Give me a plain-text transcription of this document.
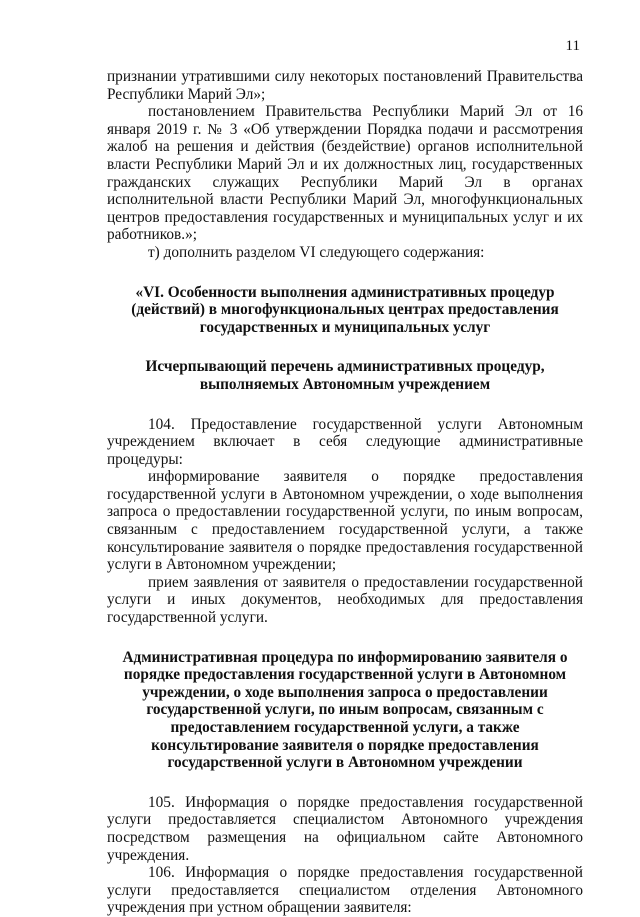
11

признании утратившими силу некоторых постановлений Правительства Республики Марий Эл»;

постановлением Правительства Республики Марий Эл от 16 января 2019 г. № 3 «Об утверждении Порядка подачи и рассмотрения жалоб на решения и действия (бездействие) органов исполнительной власти Республики Марий Эл и их должностных лиц, государственных гражданских служащих Республики Марий Эл в органах исполнительной власти Республики Марий Эл, многофункциональных центров предоставления государственных и муниципальных услуг и их работников.»;

т) дополнить разделом VI следующего содержания:

«VI. Особенности выполнения административных процедур (действий) в многофункциональных центрах предоставления государственных и муниципальных услуг

Исчерпывающий перечень административных процедур, выполняемых Автономным учреждением

104. Предоставление государственной услуги Автономным учреждением включает в себя следующие административные процедуры:

информирование заявителя о порядке предоставления государственной услуги в Автономном учреждении, о ходе выполнения запроса о предоставлении государственной услуги, по иным вопросам, связанным с предоставлением государственной услуги, а также консультирование заявителя о порядке предоставления государственной услуги в Автономном учреждении;

прием заявления от заявителя о предоставлении государственной услуги и иных документов, необходимых для предоставления государственной услуги.

Административная процедура по информированию заявителя о порядке предоставления государственной услуги в Автономном учреждении, о ходе выполнения запроса о предоставлении государственной услуги, по иным вопросам, связанным с предоставлением государственной услуги, а также консультирование заявителя о порядке предоставления государственной услуги в Автономном учреждении

105. Информация о порядке предоставления государственной услуги предоставляется специалистом Автономного учреждения посредством размещения на официальном сайте Автономного учреждения.

106. Информация о порядке предоставления государственной услуги предоставляется специалистом отделения Автономного учреждения при устном обращении заявителя:
